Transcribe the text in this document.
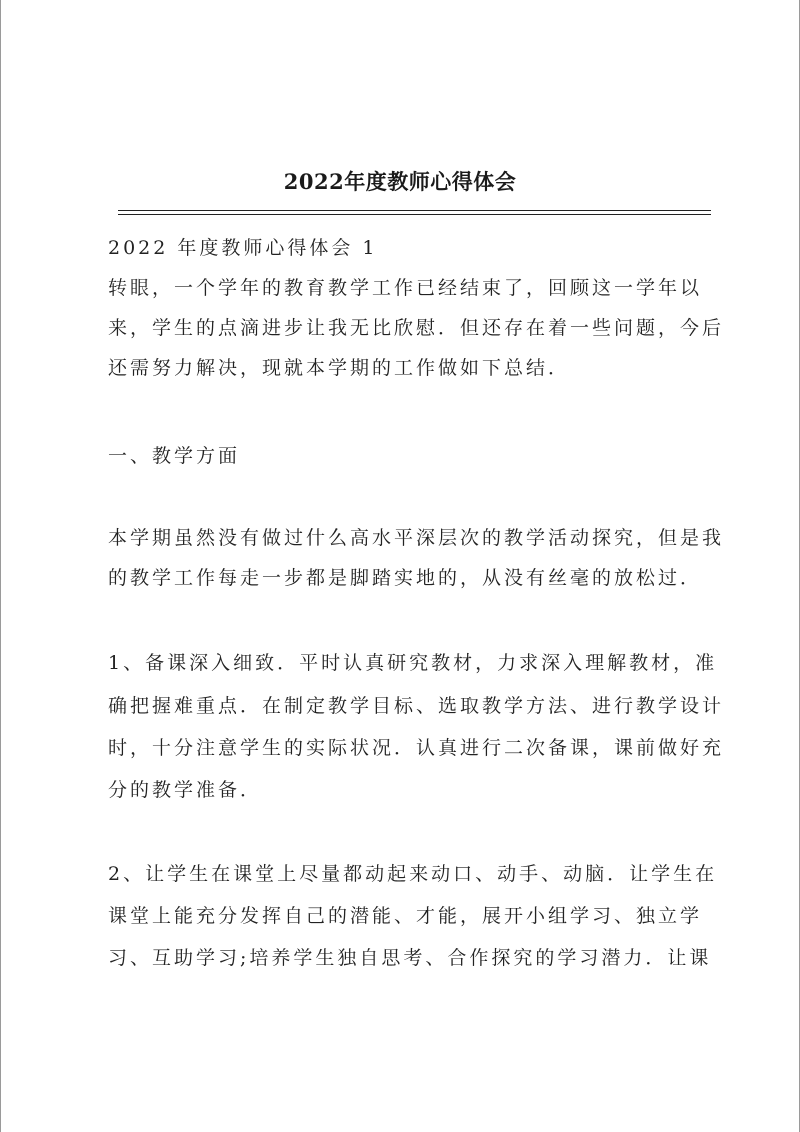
2022年度教师心得体会
2022 年度教师心得体会 1
转眼，一个学年的教育教学工作已经结束了，回顾这一学年以
来，学生的点滴进步让我无比欣慰．但还存在着一些问题，今后
还需努力解决，现就本学期的工作做如下总结．
一、教学方面
本学期虽然没有做过什么高水平深层次的教学活动探究，但是我
的教学工作每走一步都是脚踏实地的，从没有丝毫的放松过．
1、备课深入细致．平时认真研究教材，力求深入理解教材，准
确把握难重点．在制定教学目标、选取教学方法、进行教学设计
时，十分注意学生的实际状况．认真进行二次备课，课前做好充
分的教学准备．
2、让学生在课堂上尽量都动起来动口、动手、动脑．让学生在
课堂上能充分发挥自己的潜能、才能，展开小组学习、独立学
习、互助学习;培养学生独自思考、合作探究的学习潜力．让课
